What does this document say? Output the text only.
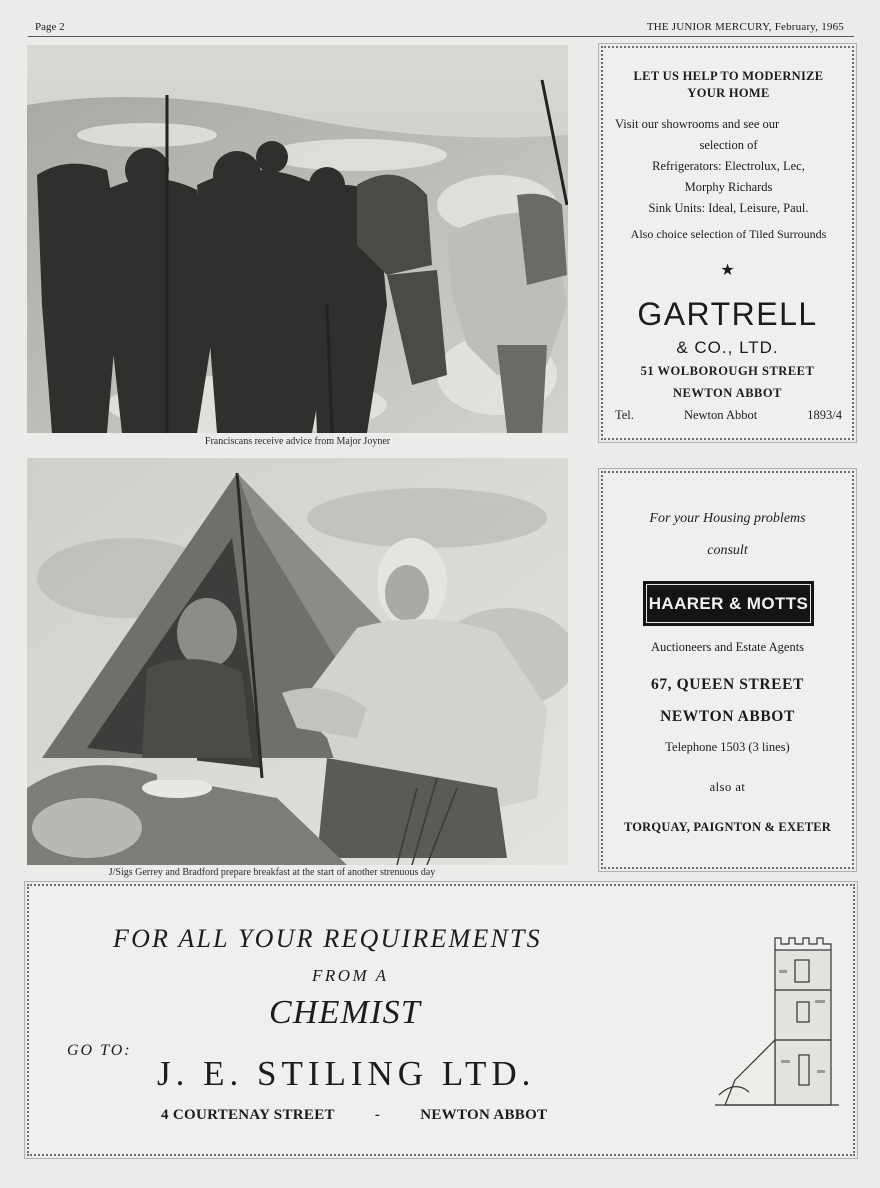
Page 2	THE JUNIOR MERCURY, February, 1965
Franciscans receive advice from Major Joyner
J/Sigs Gerrey and Bradford prepare breakfast at the start of another strenuous day
LET US HELP TO MODERNIZE YOUR HOME
Visit our showrooms and see our
selection of
Refrigerators: Electrolux, Lec,
Morphy Richards
Sink Units: Ideal, Leisure, Paul.
Also choice selection of Tiled Surrounds
★
GARTRELL
& CO., LTD.
51 WOLBOROUGH STREET
NEWTON ABBOT
Tel.	Newton Abbot	1893/4
For your Housing problems
consult
HAARER & MOTTS
Auctioneers and Estate Agents
67, QUEEN STREET
NEWTON ABBOT
Telephone 1503 (3 lines)
also at
TORQUAY, PAIGNTON & EXETER
FOR ALL YOUR REQUIREMENTS
FROM A
CHEMIST
GO TO:
J. E. STILING LTD.
4 COURTENAY STREET	-	NEWTON ABBOT
